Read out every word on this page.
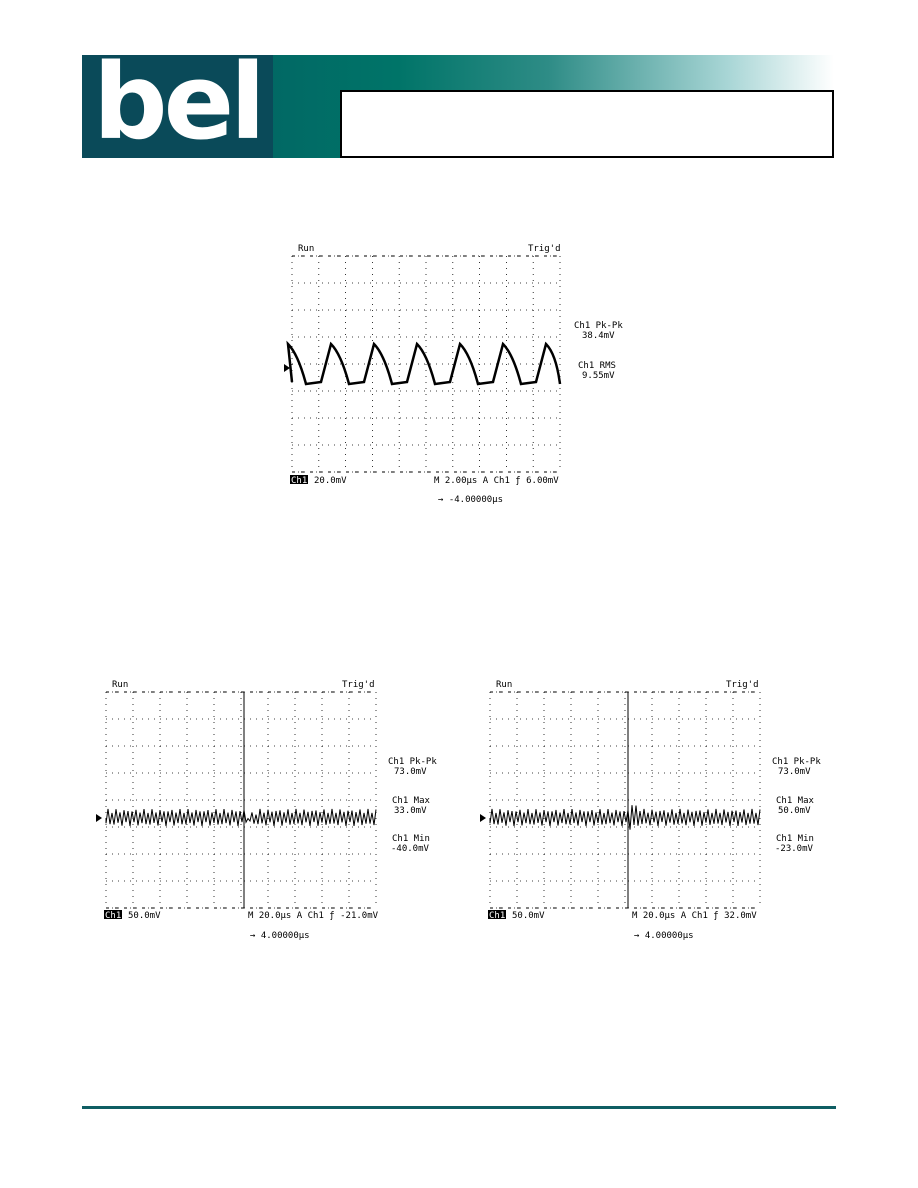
bel
Run	Trig'd
Ch1 Pk-Pk
38.4mV
Ch1 RMS
9.55mV
Ch1 20.0mV	M 2.00µs A Ch1 ƒ 6.00mV
→ -4.00000µs
Run	Trig'd
Ch1 Pk-Pk
73.0mV
Ch1 Max
33.0mV
Ch1 Min
-40.0mV
Ch1 50.0mV	M 20.0µs A Ch1 ƒ -21.0mV
→ 4.00000µs
Run	Trig'd
Ch1 Pk-Pk
73.0mV
Ch1 Max
50.0mV
Ch1 Min
-23.0mV
Ch1 50.0mV	M 20.0µs A Ch1 ƒ 32.0mV
→ 4.00000µs
